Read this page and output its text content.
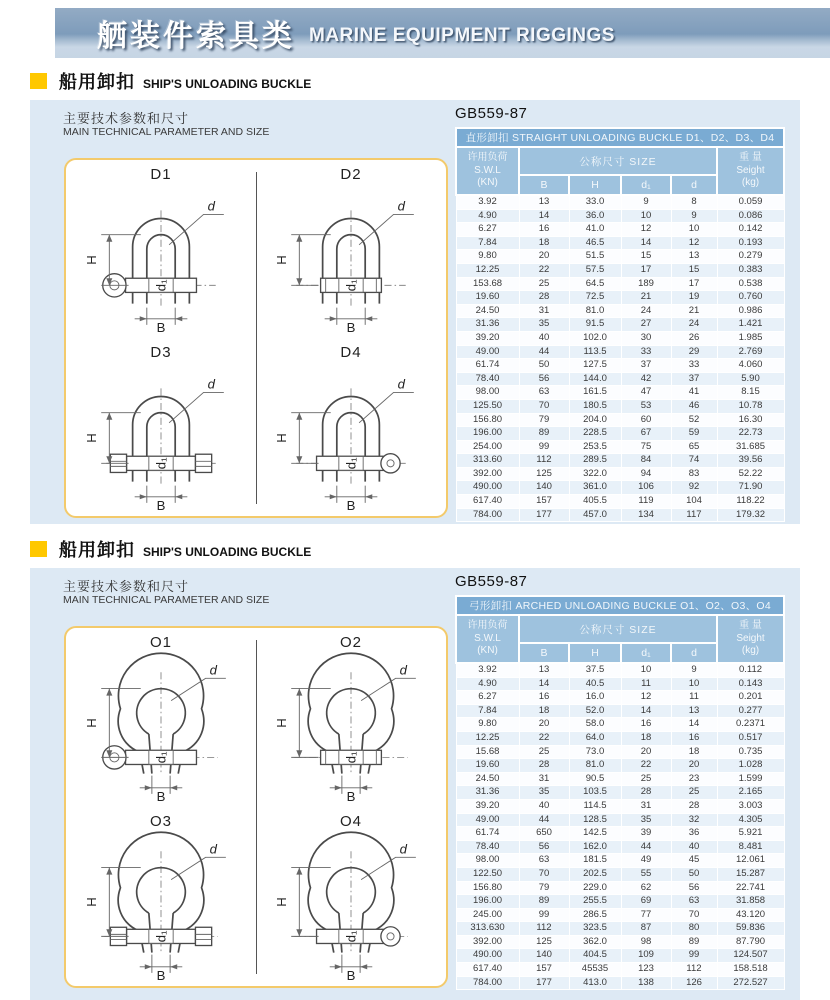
舾装件索具类 MARINE EQUIPMENT RIGGINGS
船用卸扣 SHIP'S UNLOADING BUCKLE
主要技术参数和尺寸
MAIN TECHNICAL PARAMETER AND SIZE
GB559-87
D1
d₁
H
d
B
D2
d₁
H
d
B
D3
d₁
H
d
B
D4
d₁
H
d
B
直形卸扣 STRAIGHT UNLOADING BUCKLE D1、D2、D3、D4					

许用负荷
S.W.L
(KN)
	公称尺寸 SIZE	重 量
Seight
(kg)

	B	H	d₁	d	
3.92	13	33.0	9	8	0.059
4.90	14	36.0	10	9	0.086
6.27	16	41.0	12	10	0.142
7.84	18	46.5	14	12	0.193
9.80	20	51.5	15	13	0.279
12.25	22	57.5	17	15	0.383
153.68	25	64.5	189	17	0.538
19.60	28	72.5	21	19	0.760
24.50	31	81.0	24	21	0.986
31.36	35	91.5	27	24	1.421
39.20	40	102.0	30	26	1.985
49.00	44	113.5	33	29	2.769
61.74	50	127.5	37	33	4.060
78.40	56	144.0	42	37	5.90
98.00	63	161.5	47	41	8.15
125.50	70	180.5	53	46	10.78
156.80	79	204.0	60	52	16.30
196.00	89	228.5	67	59	22.73
254.00	99	253.5	75	65	31.685
313.60	112	289.5	84	74	39.56
392.00	125	322.0	94	83	52.22
490.00	140	361.0	106	92	71.90
617.40	157	405.5	119	104	118.22
784.00	177	457.0	134	117	179.32
船用卸扣 SHIP'S UNLOADING BUCKLE
主要技术参数和尺寸
MAIN TECHNICAL PARAMETER AND SIZE
GB559-87
O1
d₁
H
d
B
O2
d₁
H
d
B
O3
d₁
H
d
B
O4
d₁
H
d
B
弓形卸扣 ARCHED UNLOADING BUCKLE O1、O2、O3、O4					

许用负荷
S.W.L
(KN)
	公称尺寸 SIZE	重 量
Seight
(kg)

	B	H	d₁	d	
3.92	13	37.5	10	9	0.112
4.90	14	40.5	11	10	0.143
6.27	16	16.0	12	11	0.201
7.84	18	52.0	14	13	0.277
9.80	20	58.0	16	14	0.2371
12.25	22	64.0	18	16	0.517
15.68	25	73.0	20	18	0.735
19.60	28	81.0	22	20	1.028
24.50	31	90.5	25	23	1.599
31.36	35	103.5	28	25	2.165
39.20	40	114.5	31	28	3.003
49.00	44	128.5	35	32	4.305
61.74	650	142.5	39	36	5.921
78.40	56	162.0	44	40	8.481
98.00	63	181.5	49	45	12.061
122.50	70	202.5	55	50	15.287
156.80	79	229.0	62	56	22.741
196.00	89	255.5	69	63	31.858
245.00	99	286.5	77	70	43.120
313.630	112	323.5	87	80	59.836
392.00	125	362.0	98	89	87.790
490.00	140	404.5	109	99	124.507
617.40	157	45535	123	112	158.518
784.00	177	413.0	138	126	272.527
